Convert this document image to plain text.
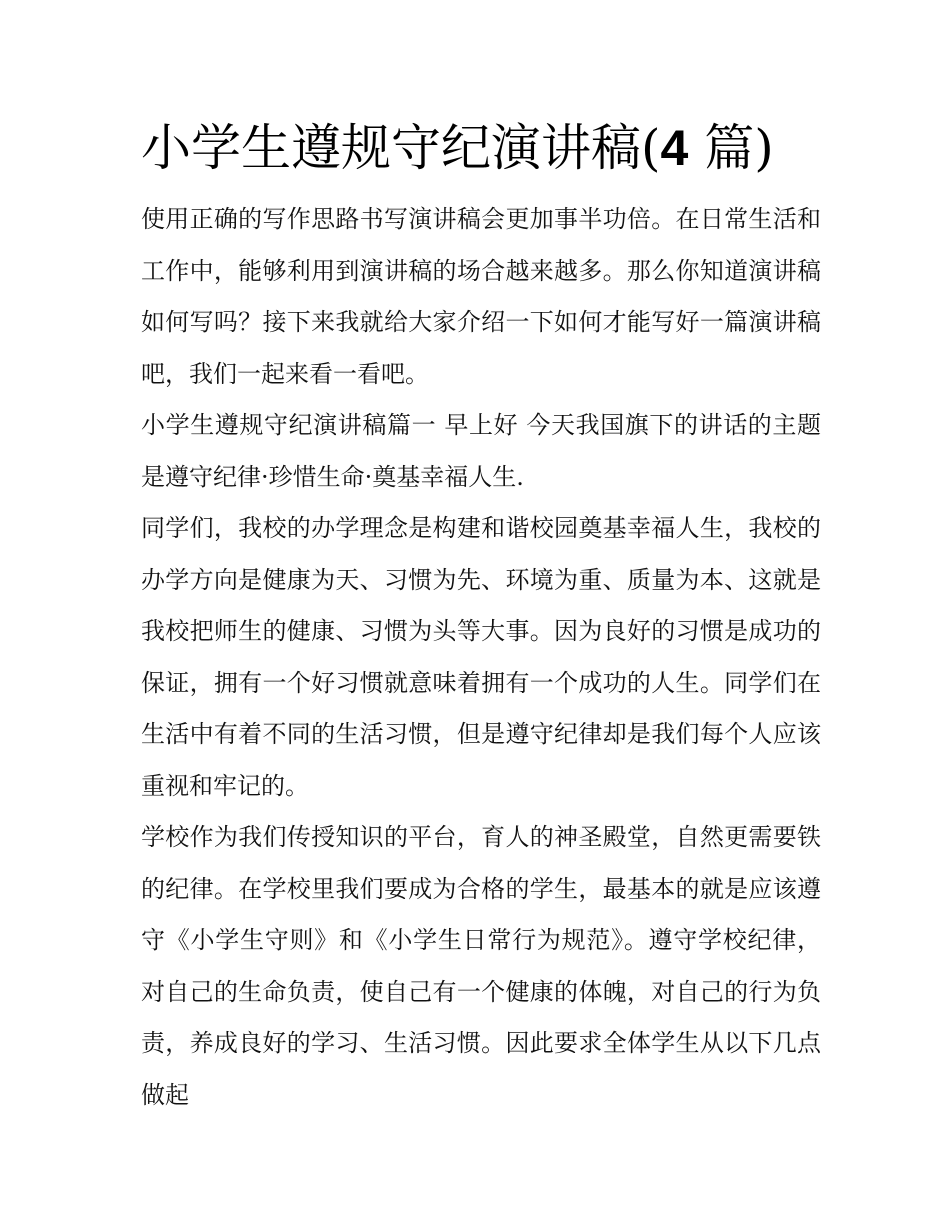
小学生遵规守纪演讲稿(4 篇)

使用正确的写作思路书写演讲稿会更加事半功倍。在日常生活和工作中，能够利用到演讲稿的场合越来越多。那么你知道演讲稿如何写吗？接下来我就给大家介绍一下如何才能写好一篇演讲稿吧，我们一起来看一看吧。

小学生遵规守纪演讲稿篇一 早上好 今天我国旗下的讲话的主题是遵守纪律·珍惜生命·奠基幸福人生.

同学们，我校的办学理念是构建和谐校园奠基幸福人生，我校的办学方向是健康为天、习惯为先、环境为重、质量为本、这就是我校把师生的健康、习惯为头等大事。因为良好的习惯是成功的保证，拥有一个好习惯就意味着拥有一个成功的人生。同学们在生活中有着不同的生活习惯，但是遵守纪律却是我们每个人应该重视和牢记的。

学校作为我们传授知识的平台，育人的神圣殿堂，自然更需要铁的纪律。在学校里我们要成为合格的学生，最基本的就是应该遵守《小学生守则》和《小学生日常行为规范》。遵守学校纪律，对自己的生命负责，使自己有一个健康的体魄，对自己的行为负责，养成良好的学习、生活习惯。因此要求全体学生从以下几点做起
